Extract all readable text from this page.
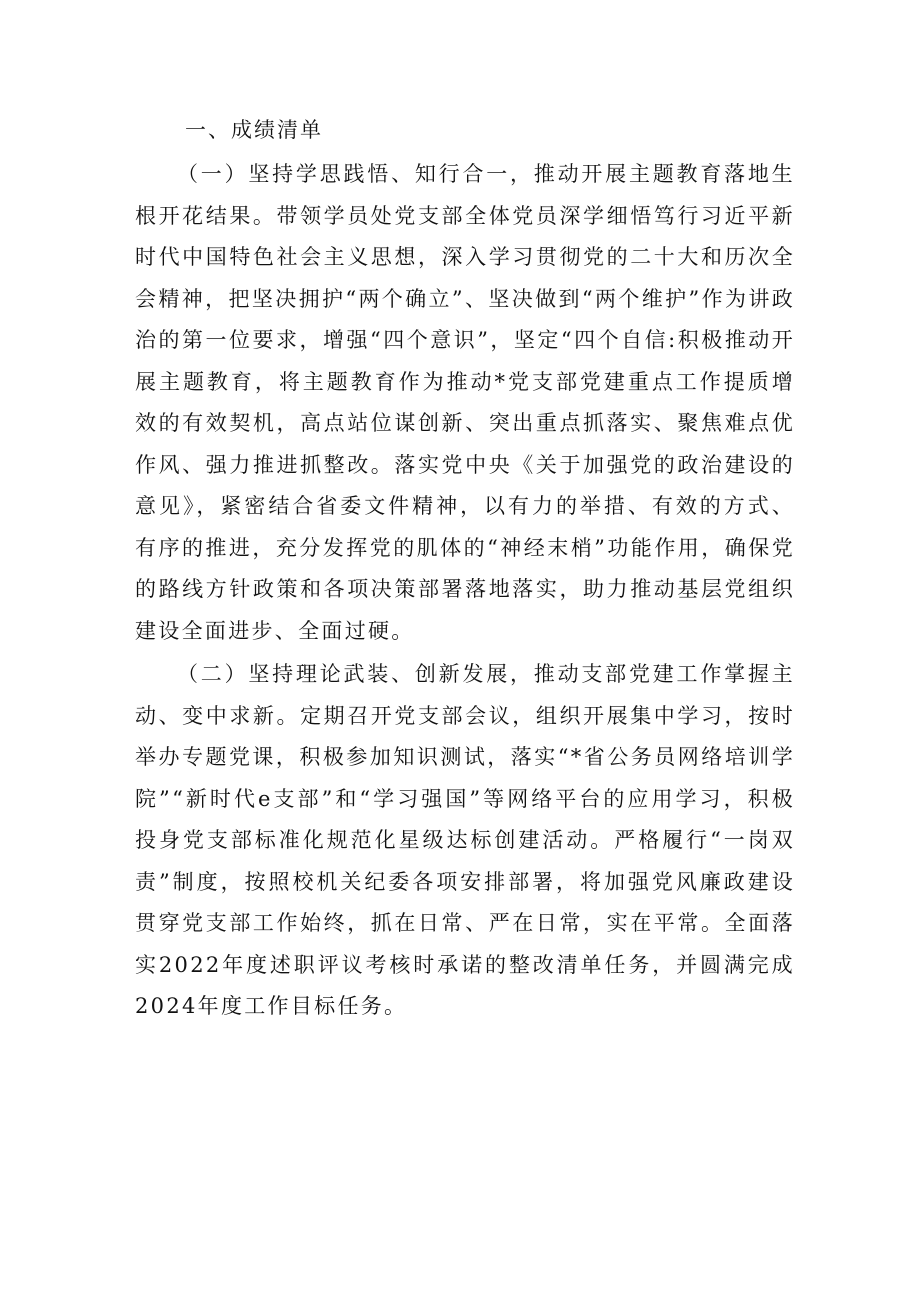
一、成绩清单

（一）坚持学思践悟、知行合一，推动开展主题教育落地生根开花结果。带领学员处党支部全体党员深学细悟笃行习近平新时代中国特色社会主义思想，深入学习贯彻党的二十大和历次全会精神，把坚决拥护“两个确立”、坚决做到“两个维护”作为讲政治的第一位要求，增强“四个意识”，坚定“四个自信:积极推动开展主题教育，将主题教育作为推动*党支部党建重点工作提质增效的有效契机，高点站位谋创新、突出重点抓落实、聚焦难点优作风、强力推进抓整改。落实党中央《关于加强党的政治建设的意见》，紧密结合省委文件精神，以有力的举措、有效的方式、有序的推进，充分发挥党的肌体的“神经末梢”功能作用，确保党的路线方针政策和各项决策部署落地落实，助力推动基层党组织建设全面进步、全面过硬。

（二）坚持理论武装、创新发展，推动支部党建工作掌握主动、变中求新。定期召开党支部会议，组织开展集中学习，按时举办专题党课，积极参加知识测试，落实“*省公务员网络培训学院”“新时代e支部”和“学习强国”等网络平台的应用学习，积极投身党支部标准化规范化星级达标创建活动。严格履行“一岗双责”制度，按照校机关纪委各项安排部署，将加强党风廉政建设贯穿党支部工作始终，抓在日常、严在日常，实在平常。全面落实2022年度述职评议考核时承诺的整改清单任务，并圆满完成2024年度工作目标任务。
